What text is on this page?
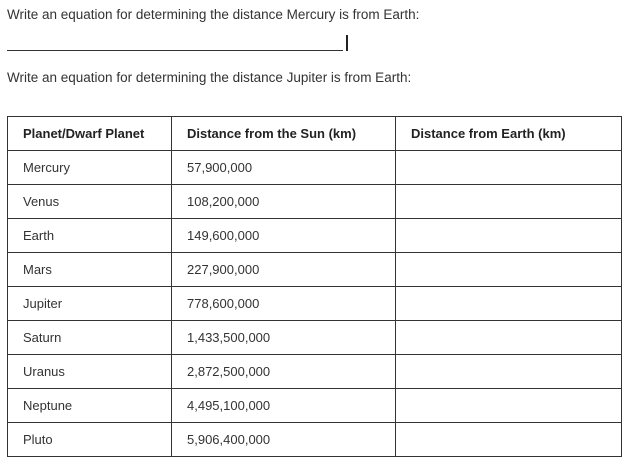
Write an equation for determining the distance Mercury is from Earth:
Write an equation for determining the distance Jupiter is from Earth:
Planet/Dwarf Planet	Distance from the Sun (km)	Distance from Earth (km)
Mercury	57,900,000	
Venus	108,200,000	
Earth	149,600,000	
Mars	227,900,000	
Jupiter	778,600,000	
Saturn	1,433,500,000	
Uranus	2,872,500,000	
Neptune	4,495,100,000	
Pluto	5,906,400,000	
